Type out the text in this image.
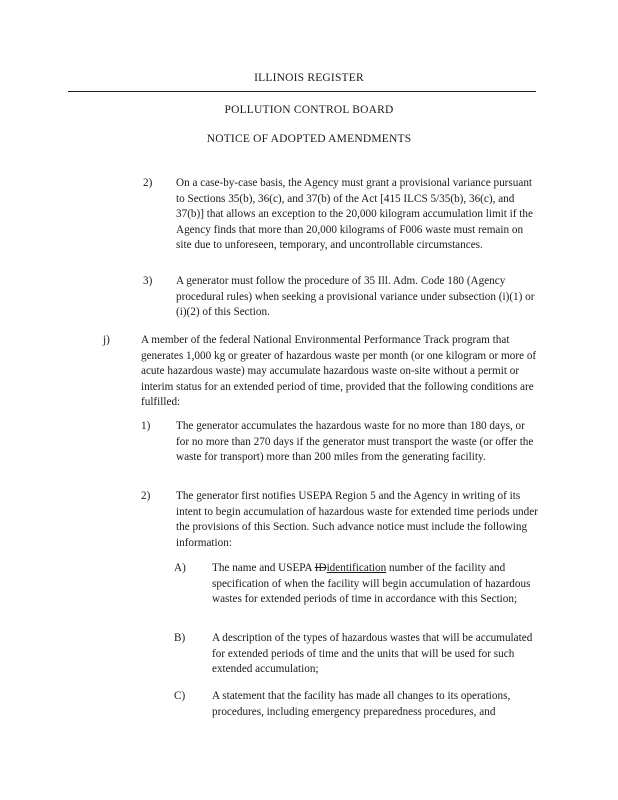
ILLINOIS REGISTER
POLLUTION CONTROL BOARD
NOTICE OF ADOPTED AMENDMENTS
2) On a case-by-case basis, the Agency must grant a provisional variance pursuant to Sections 35(b), 36(c), and 37(b) of the Act [415 ILCS 5/35(b), 36(c), and 37(b)] that allows an exception to the 20,000 kilogram accumulation limit if the Agency finds that more than 20,000 kilograms of F006 waste must remain on site due to unforeseen, temporary, and uncontrollable circumstances.
3) A generator must follow the procedure of 35 Ill. Adm. Code 180 (Agency procedural rules) when seeking a provisional variance under subsection (i)(1) or (i)(2) of this Section.
j)	A member of the federal National Environmental Performance Track program that generates 1,000 kg or greater of hazardous waste per month (or one kilogram or more of acute hazardous waste) may accumulate hazardous waste on-site without a permit or interim status for an extended period of time, provided that the following conditions are fulfilled:
1) The generator accumulates the hazardous waste for no more than 180 days, or for no more than 270 days if the generator must transport the waste (or offer the waste for transport) more than 200 miles from the generating facility.
2) The generator first notifies USEPA Region 5 and the Agency in writing of its intent to begin accumulation of hazardous waste for extended time periods under the provisions of this Section. Such advance notice must include the following information:
A) The name and USEPA IDidentification number of the facility and specification of when the facility will begin accumulation of hazardous wastes for extended periods of time in accordance with this Section;
B) A description of the types of hazardous wastes that will be accumulated for extended periods of time and the units that will be used for such extended accumulation;
C) A statement that the facility has made all changes to its operations, procedures, including emergency preparedness procedures, and
